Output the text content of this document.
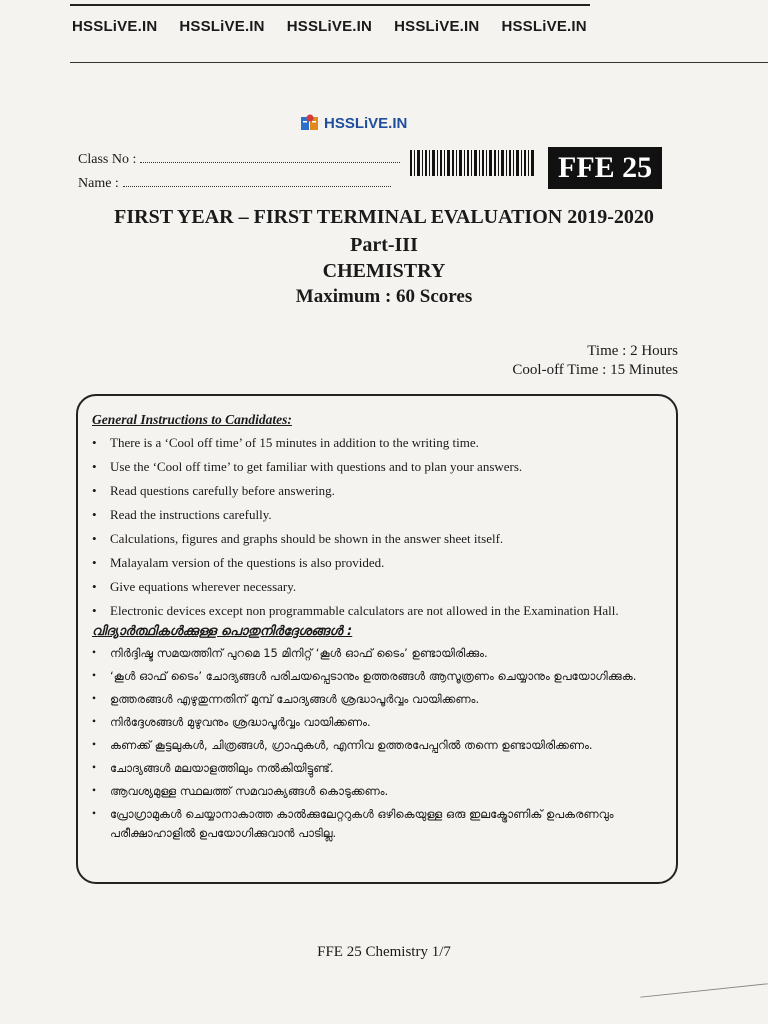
HSSLiVE.IN HSSLiVE.IN HSSLiVE.IN HSSLiVE.IN HSSLiVE.IN
HSSLiVE.IN
Class No :
Name :	FFE 25
FIRST YEAR – FIRST TERMINAL EVALUATION 2019-2020
Part-III
CHEMISTRY
Maximum : 60 Scores
Time : 2 Hours
Cool-off Time : 15 Minutes
General Instructions to Candidates:
• There is a ‘Cool off time’ of 15 minutes in addition to the writing time.
• Use the ‘Cool off time’ to get familiar with questions and to plan your answers.
• Read questions carefully before answering.
• Read the instructions carefully.
• Calculations, figures and graphs should be shown in the answer sheet itself.
• Malayalam version of the questions is also provided.
• Give equations wherever necessary.
• Electronic devices except non programmable calculators are not allowed in the Examination Hall.
വിദ്യാർത്ഥികൾക്കുള്ള പൊതുനിർദ്ദേശങ്ങൾ :
• നിർദ്ദിഷ്ട സമയത്തിന് പുറമെ 15 മിനിറ്റ് ‘കൂൾ ഓഫ് ടൈം’ ഉണ്ടായിരിക്കും.
• ‘കൂൾ ഓഫ് ടൈം’ ചോദ്യങ്ങൾ പരിചയപ്പെടാനും ഉത്തരങ്ങൾ ആസൂത്രണം ചെയ്യാനും ഉപയോഗിക്കുക.
• ഉത്തരങ്ങൾ എഴുതുന്നതിന് മുമ്പ് ചോദ്യങ്ങൾ ശ്രദ്ധാപൂർവ്വം വായിക്കണം.
• നിർദ്ദേശങ്ങൾ മുഴുവനും ശ്രദ്ധാപൂർവ്വം വായിക്കണം.
• കണക്ക് കൂട്ടലുകൾ, ചിത്രങ്ങൾ, ഗ്രാഫുകൾ, എന്നിവ ഉത്തരപേപ്പറിൽ തന്നെ ഉണ്ടായിരിക്കണം.
• ചോദ്യങ്ങൾ മലയാളത്തിലും നൽകിയിട്ടുണ്ട്.
• ആവശ്യമുള്ള സ്ഥലത്ത് സമവാക്യങ്ങൾ കൊടുക്കണം.
• പ്രോഗ്രാമുകൾ ചെയ്യാനാകാത്ത കാൽക്കുലേറ്ററുകൾ ഒഴികെയുള്ള ഒരു ഇലക്ട്രോണിക് ഉപകരണവും പരീക്ഷാഹാളിൽ ഉപയോഗിക്കുവാൻ പാടില്ല.
FFE 25 Chemistry 1/7
